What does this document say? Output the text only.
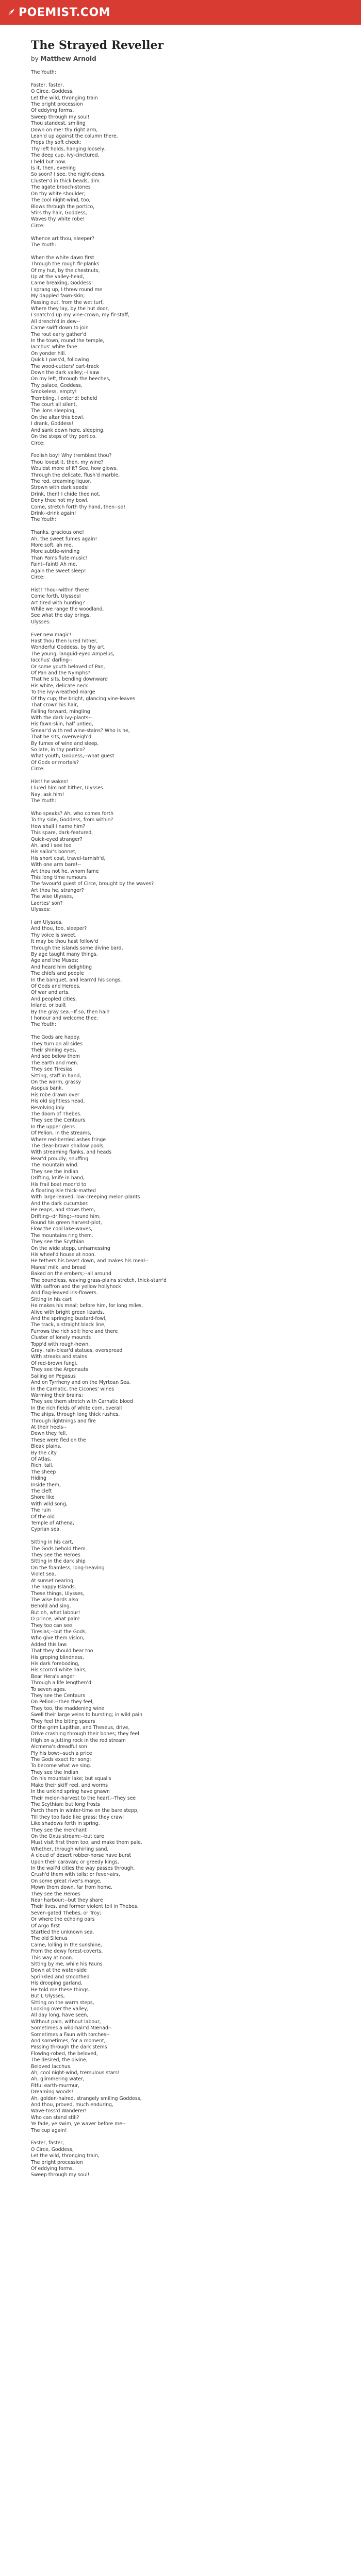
POEMIST.COM
The Strayed Reveller
by Matthew Arnold
The Youth:
Faster, faster,
O Circe, Goddess,
Let the wild, thronging train
The bright procession
Of eddying forms,
Sweep through my soul!
Thou standest, smiling
Down on me! thy right arm,
Lean'd up against the column there,
Props thy soft cheek;
Thy left holds, hanging loosely,
The deep cup, ivy-cinctured,
I held but now.
Is it, then, evening
So soon? I see, the night-dews,
Cluster'd in thick beads, dim
The agate brooch-stones
On thy white shoulder;
The cool night-wind, too,
Blows through the portico,
Stirs thy hair, Goddess,
Waves thy white robe!
Circe:
Whence art thou, sleeper?
The Youth:
When the white dawn first
Through the rough fir-planks
Of my hut, by the chestnuts,
Up at the valley-head,
Came breaking, Goddess!
I sprang up, I threw round me
My dappled fawn-skin;
Passing out, from the wet turf,
Where they lay, by the hut door,
I snatch'd up my vine-crown, my fir-staff,
All drench'd in dew--
Came swift down to join
The rout early gather'd
In the town, round the temple,
Iacchus' white fane
On yonder hill.
Quick I pass'd, following
The wood-cutters' cart-track
Down the dark valley;--I saw
On my left, through the beeches,
Thy palace, Goddess,
Smokeless, empty!
Trembling, I enter'd; beheld
The court all silent,
The lions sleeping,
On the altar this bowl.
I drank, Goddess!
And sank down here, sleeping,
On the steps of thy portico.
Circe:
Foolish boy! Why tremblest thou?
Thou lovest it, then, my wine?
Wouldst more of it? See, how glows,
Through the delicate, flush'd marble,
The red, creaming liquor,
Strown with dark seeds!
Drink, then! I chide thee not,
Deny thee not my bowl.
Come, stretch forth thy hand, then--so!
Drink--drink again!
The Youth:
Thanks, gracious one!
Ah, the sweet fumes again!
More soft, ah me,
More subtle-winding
Than Pan's flute-music!
Faint--faint! Ah me,
Again the sweet sleep!
Circe:
Hist! Thou--within there!
Come forth, Ulysses!
Art tired with hunting?
While we range the woodland,
See what the day brings.
Ulysses:
Ever new magic!
Hast thou then lured hither,
Wonderful Goddess, by thy art,
The young, languid-eyed Ampelus,
Iacchus' darling--
Or some youth beloved of Pan,
Of Pan and the Nymphs?
That he sits, bending downward
His white, delicate neck
To the ivy-wreathed marge
Of thy cup; the bright, glancing vine-leaves
That crown his hair,
Falling forward, mingling
With the dark ivy-plants--
His fawn-skin, half untied,
Smear'd with red wine-stains? Who is he,
That he sits, overweigh'd
By fumes of wine and sleep,
So late, in thy portico?
What youth, Goddess,--what guest
Of Gods or mortals?
Circe:
Hist! he wakes!
I lured him not hither, Ulysses.
Nay, ask him!
The Youth:
Who speaks? Ah, who comes forth
To thy side, Goddess, from within?
How shall I name him?
This spare, dark-featured,
Quick-eyed stranger?
Ah, and I see too
His sailor's bonnet,
His short coat, travel-tarnish'd,
With one arm bare!--
Art thou not he, whom fame
This long time rumours
The favour'd guest of Circe, brought by the waves?
Art thou he, stranger?
The wise Ulysses,
Laertes' son?
Ulysses:
I am Ulysses.
And thou, too, sleeper?
Thy voice is sweet.
It may be thou hast follow'd
Through the islands some divine bard,
By age taught many things,
Age and the Muses;
And heard him delighting
The chiefs and people
In the banquet, and learn'd his songs,
Of Gods and Heroes,
Of war and arts,
And peopled cities,
Inland, or built
By the gray sea.--If so, then hail!
I honour and welcome thee.
The Youth:
The Gods are happy.
They turn on all sides
Their shining eyes,
And see below them
The earth and men.
They see Tiresias
Sitting, staff in hand,
On the warm, grassy
Asopus bank,
His robe drawn over
His old sightless head,
Revolving inly
The doom of Thebes.
They see the Centaurs
In the upper glens
Of Pelion, in the streams,
Where red-berried ashes fringe
The clear-brown shallow pools,
With streaming flanks, and heads
Rear'd proudly, snuffing
The mountain wind.
They see the Indian
Drifting, knife in hand,
His frail boat moor'd to
A floating isle thick-matted
With large-leaved, low-creeping melon-plants
And the dark cucumber.
He reaps, and stows them,
Drifting--drifting;--round him,
Round his green harvest-plot,
Flow the cool lake-waves,
The mountains ring them.
They see the Scythian
On the wide stepp, unharnessing
His wheel'd house at noon.
He tethers his beast down, and makes his meal--
Mares' milk, and bread
Baked on the embers;--all around
The boundless, waving grass-plains stretch, thick-starr'd
With saffron and the yellow hollyhock
And flag-leaved iris-flowers.
Sitting in his cart
He makes his meal; before him, for long miles,
Alive with bright green lizards,
And the springing bustard-fowl,
The track, a straight black line,
Furrows the rich soil; here and there
Cluster of lonely mounds
Topp'd with rough-hewn,
Gray, rain-blear'd statues, overspread
With streaks and stains
Of red-brown fungi.
They see the Argonauts
Sailing on Pegasus
And on Tyrrheny and on the Myrtoan Sea.
In the Carnatic, the Cicones' wines
Warming their brains;
They see them stretch with Carnatic blood
In the rich fields of white corn, overall
The ships, through long thick rushes,
Through lightnings and fire
At their heels--
Down they fell,
These were fled on the
Bleak plains.
By the city
Of Atlas,
Rich, tall,
The sheep
Hiding
Inside them,
The cleft
Shore like
With wild song,
The ruin
Of the old
Temple of Athena,
Cyprian sea.
Sitting in his cart,
The Gods behold them.
They see the Heroes
Sitting in the dark ship
On the foamless, long-heaving
Violet sea,
At sunset nearing
The happy Islands.
These things, Ulysses,
The wise bards also
Behold and sing.
But oh, what labour!
O prince, what pain!
They too can see
Tiresias;--but the Gods,
Who give them vision,
Added this law:
That they should bear too
His groping blindness,
His dark foreboding,
His scorn'd white hairs;
Bear Hera's anger
Through a life lengthen'd
To seven ages.
They see the Centaurs
On Pelion:--then they feel,
They too, the maddening wine
Swell their large veins to bursting; in wild pain
They feel the biting spears
Of the grim Lapithæ, and Theseus, drive,
Drive crashing through their bones; they feel
High on a jutting rock in the red stream
Alcmena's dreadful son
Ply his bow;--such a price
The Gods exact for song:
To become what we sing.
They see the Indian
On his mountain lake; but squalls
Make their skiff reel, and worms
In the unkind spring have gnawn
Their melon-harvest to the heart.--They see
The Scythian: but long frosts
Parch them in winter-time on the bare stepp,
Till they too fade like grass; they crawl
Like shadows forth in spring.
They see the merchant
On the Oxus stream;--but care
Must visit first them too, and make them pale.
Whether, through whirling sand,
A cloud of desert robber-horse have burst
Upon their caravan; or greedy kings,
In the wall'd cities the way passes through,
Crush'd them with tolls; or fever-airs,
On some great river's marge,
Mown them down, far from home.
They see the Heroes
Near harbour;--but they share
Their lives, and former violent toil in Thebes,
Seven-gated Thebes, or Troy;
Or where the echoing oars
Of Argo first
Startled the unknown sea.
The old Silenus
Came, lolling in the sunshine,
From the dewy forest-coverts,
This way at noon.
Sitting by me, while his Fauns
Down at the water-side
Sprinkled and smoothed
His drooping garland,
He told me these things.
But I, Ulysses,
Sitting on the warm steps,
Looking over the valley,
All day long, have seen,
Without pain, without labour,
Sometimes a wild-hair'd Mænad--
Sometimes a Faun with torches--
And sometimes, for a moment,
Passing through the dark stems
Flowing-robed, the beloved,
The desired, the divine,
Beloved Iacchus.
Ah, cool night-wind, tremulous stars!
Ah, glimmering water,
Fitful earth-murmur,
Dreaming woods!
Ah, golden-haired, strangely smiling Goddess,
And thou, proved, much enduring,
Wave-toss'd Wanderer!
Who can stand still?
Ye fade, ye swim, ye waver before me--
The cup again!
Faster, faster,
O Circe, Goddess,
Let the wild, thronging train,
The bright procession
Of eddying forms,
Sweep through my soul!
